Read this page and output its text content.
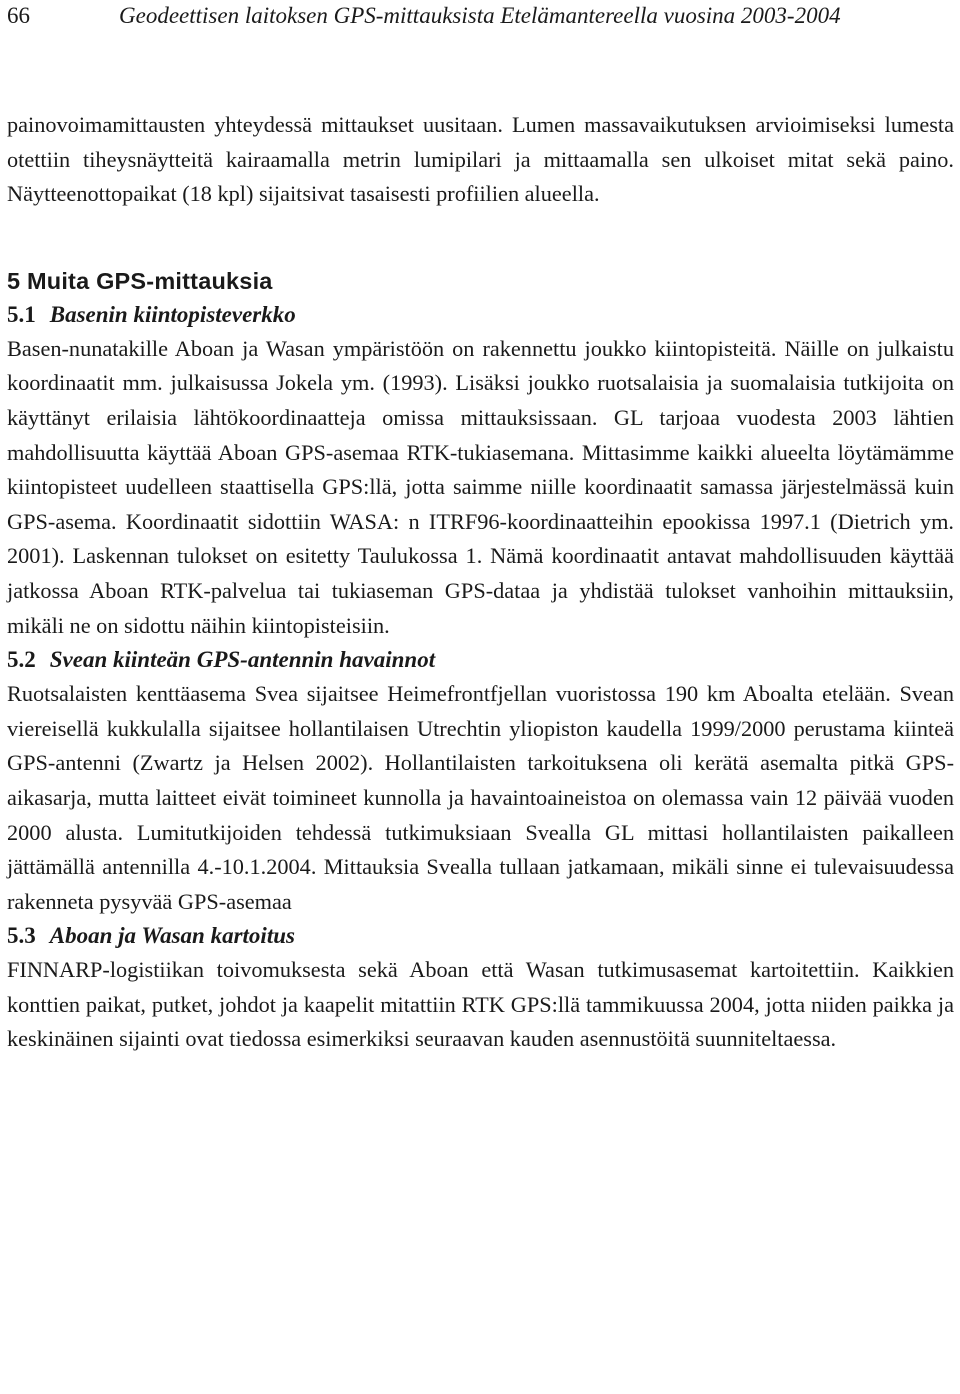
66	Geodeettisen laitoksen GPS-mittauksista Etelämantereella vuosina 2003-2004

painovoimamittausten yhteydessä mittaukset uusitaan. Lumen massavaikutuksen arvioimiseksi lumesta otettiin tiheysnäytteitä kairaamalla metrin lumipilari ja mittaamalla sen ulkoiset mitat sekä paino. Näytteenottopaikat (18 kpl) sijaitsivat tasaisesti profiilien alueella.

5 Muita GPS-mittauksia
5.1 Basenin kiintopisteverkko

Basen-nunatakille Aboan ja Wasan ympäristöön on rakennettu joukko kiintopisteitä. Näille on julkaistu koordinaatit mm. julkaisussa Jokela ym. (1993). Lisäksi joukko ruotsalaisia ja suomalaisia tutkijoita on käyttänyt erilaisia lähtökoordinaatteja omissa mittauksissaan. GL tarjoaa vuodesta 2003 lähtien mahdollisuutta käyttää Aboan GPS-asemaa RTK-tukiasemana. Mittasimme kaikki alueelta löytämämme kiintopisteet uudelleen staattisella GPS:llä, jotta saimme niille koordinaatit samassa järjestelmässä kuin GPS-asema. Koordinaatit sidottiin WASA: n ITRF96-koordinaatteihin epookissa 1997.1 (Dietrich ym. 2001). Laskennan tulokset on esitetty Taulukossa 1. Nämä koordinaatit antavat mahdollisuuden käyttää jatkossa Aboan RTK-palvelua tai tukiaseman GPS-dataa ja yhdistää tulokset vanhoihin mittauksiin, mikäli ne on sidottu näihin kiintopisteisiin.

5.2 Svean kiinteän GPS-antennin havainnot

Ruotsalaisten kenttäasema Svea sijaitsee Heimefrontfjellan vuoristossa 190 km Aboalta etelään. Svean viereisellä kukkulalla sijaitsee hollantilaisen Utrechtin yliopiston kaudella 1999/2000 perustama kiinteä GPS-antenni (Zwartz ja Helsen 2002). Hollantilaisten tarkoituksena oli kerätä asemalta pitkä GPS-aikasarja, mutta laitteet eivät toimineet kunnolla ja havaintoaineistoa on olemassa vain 12 päivää vuoden 2000 alusta. Lumitutkijoiden tehdessä tutkimuksiaan Svealla GL mittasi hollantilaisten paikalleen jättämällä antennilla 4.-10.1.2004. Mittauksia Svealla tullaan jatkamaan, mikäli sinne ei tulevaisuudessa rakenneta pysyvää GPS-asemaa

5.3 Aboan ja Wasan kartoitus

FINNARP-logistiikan toivomuksesta sekä Aboan että Wasan tutkimusasemat kartoitettiin. Kaikkien konttien paikat, putket, johdot ja kaapelit mitattiin RTK GPS:llä tammikuussa 2004, jotta niiden paikka ja keskinäinen sijainti ovat tiedossa esimerkiksi seuraavan kauden asennustöitä suunniteltaessa.
